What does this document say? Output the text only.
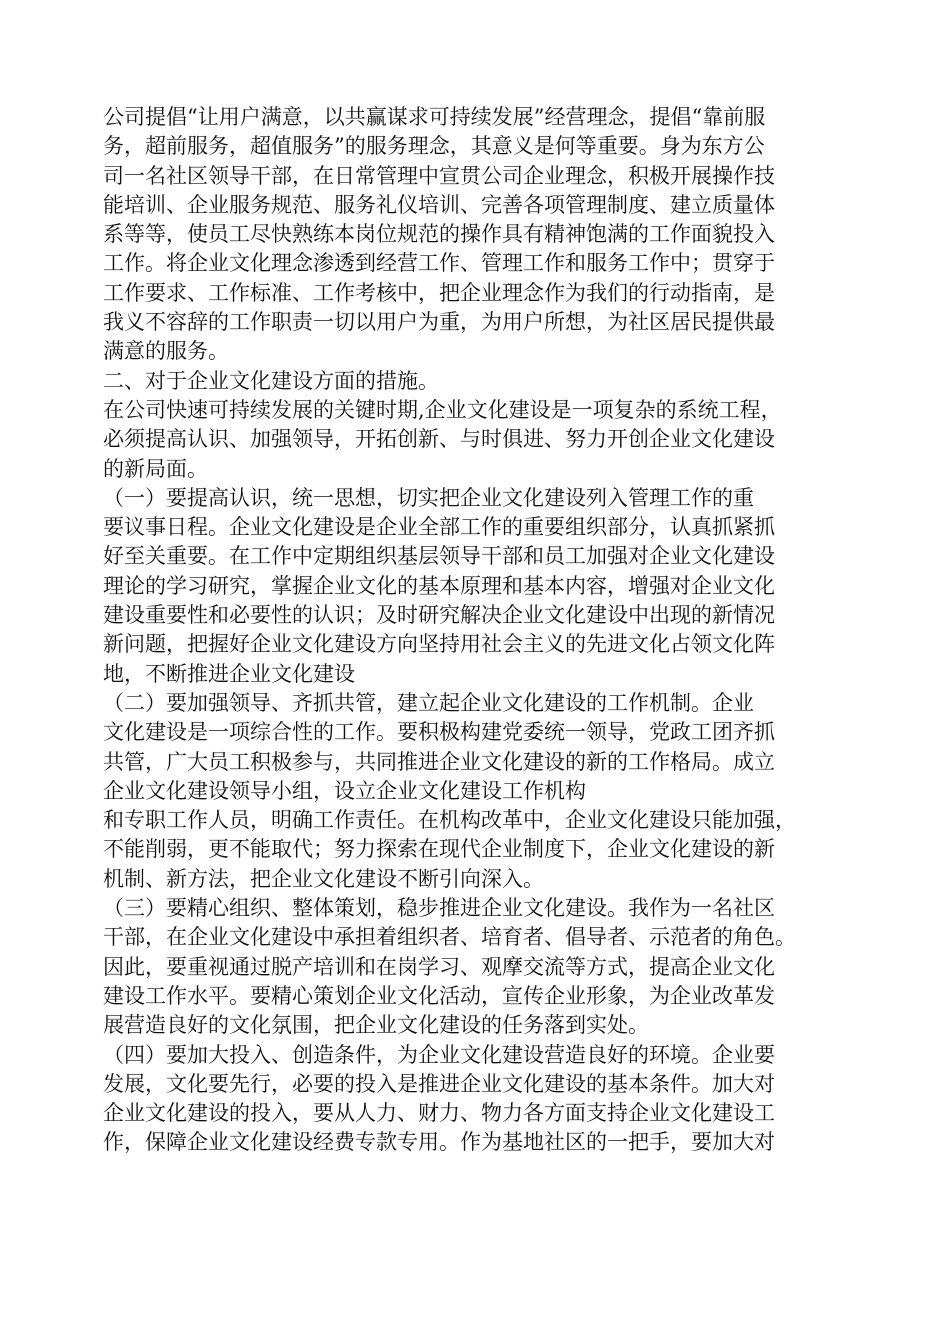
公司提倡“让用户满意，以共赢谋求可持续发展”经营理念，提倡“靠前服
务，超前服务，超值服务”的服务理念，其意义是何等重要。身为东方公
司一名社区领导干部，在日常管理中宣贯公司企业理念，积极开展操作技
能培训、企业服务规范、服务礼仪培训、完善各项管理制度、建立质量体
系等等，使员工尽快熟练本岗位规范的操作具有精神饱满的工作面貌投入
工作。将企业文化理念渗透到经营工作、管理工作和服务工作中；贯穿于
工作要求、工作标准、工作考核中，把企业理念作为我们的行动指南，是
我义不容辞的工作职责一切以用户为重，为用户所想，为社区居民提供最
满意的服务。
二、对于企业文化建设方面的措施。
在公司快速可持续发展的关键时期,企业文化建设是一项复杂的系统工程，
必须提高认识、加强领导，开拓创新、与时俱进、努力开创企业文化建设
的新局面。
（一）要提高认识，统一思想，切实把企业文化建设列入管理工作的重
要议事日程。企业文化建设是企业全部工作的重要组织部分，认真抓紧抓
好至关重要。在工作中定期组织基层领导干部和员工加强对企业文化建设
理论的学习研究，掌握企业文化的基本原理和基本内容，增强对企业文化
建设重要性和必要性的认识；及时研究解决企业文化建设中出现的新情况
新问题，把握好企业文化建设方向坚持用社会主义的先进文化占领文化阵
地，不断推进企业文化建设
（二）要加强领导、齐抓共管，建立起企业文化建设的工作机制。企业
文化建设是一项综合性的工作。要积极构建党委统一领导，党政工团齐抓
共管，广大员工积极参与，共同推进企业文化建设的新的工作格局。成立
企业文化建设领导小组，设立企业文化建设工作机构
和专职工作人员，明确工作责任。在机构改革中，企业文化建设只能加强，
不能削弱，更不能取代；努力探索在现代企业制度下，企业文化建设的新
机制、新方法，把企业文化建设不断引向深入。
（三）要精心组织、整体策划，稳步推进企业文化建设。我作为一名社区
干部，在企业文化建设中承担着组织者、培育者、倡导者、示范者的角色。
因此，要重视通过脱产培训和在岗学习、观摩交流等方式，提高企业文化
建设工作水平。要精心策划企业文化活动，宣传企业形象，为企业改革发
展营造良好的文化氛围，把企业文化建设的任务落到实处。
（四）要加大投入、创造条件，为企业文化建设营造良好的环境。企业要
发展，文化要先行，必要的投入是推进企业文化建设的基本条件。加大对
企业文化建设的投入，要从人力、财力、物力各方面支持企业文化建设工
作，保障企业文化建设经费专款专用。作为基地社区的一把手，要加大对
